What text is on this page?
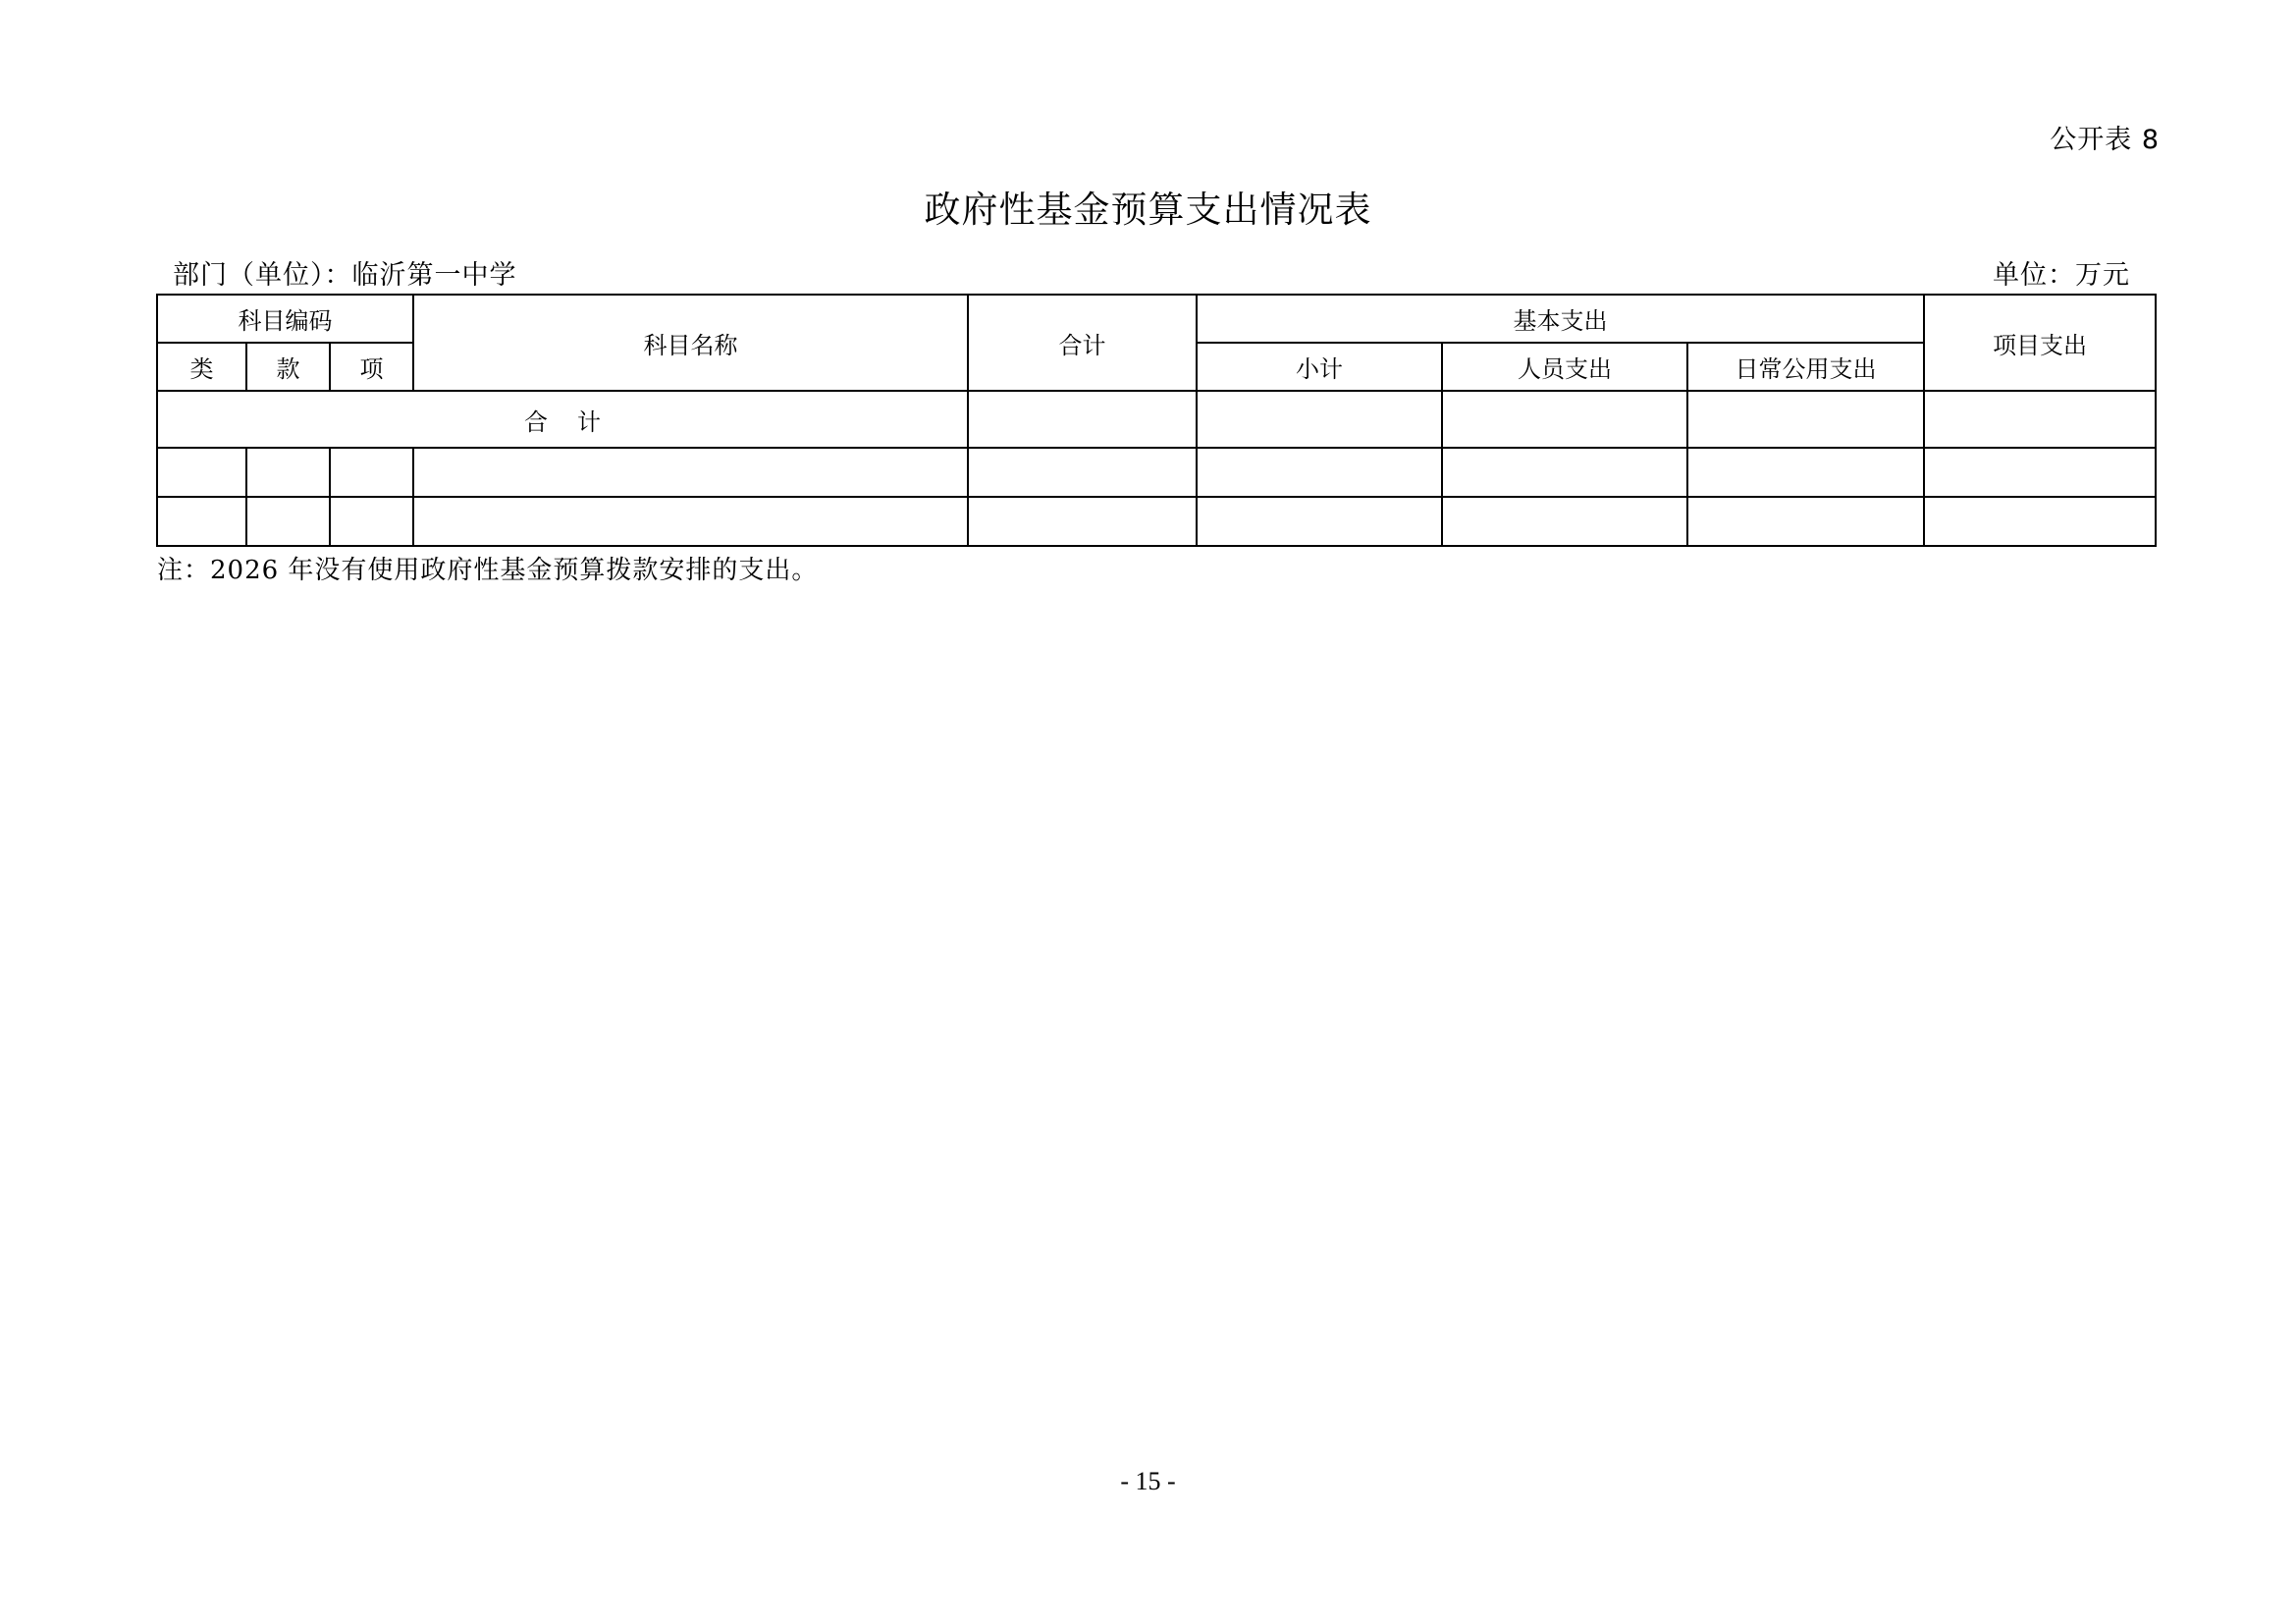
公开表 8
政府性基金预算支出情况表
部门（单位）：临沂第一中学	单位：万元
科目编码			科目名称	合计	基本支出			项目支出
类	款	项			小计	人员支出	日常公用支出	
合计								

注：2026 年没有使用政府性基金预算拨款安排的支出。
- 15 -
